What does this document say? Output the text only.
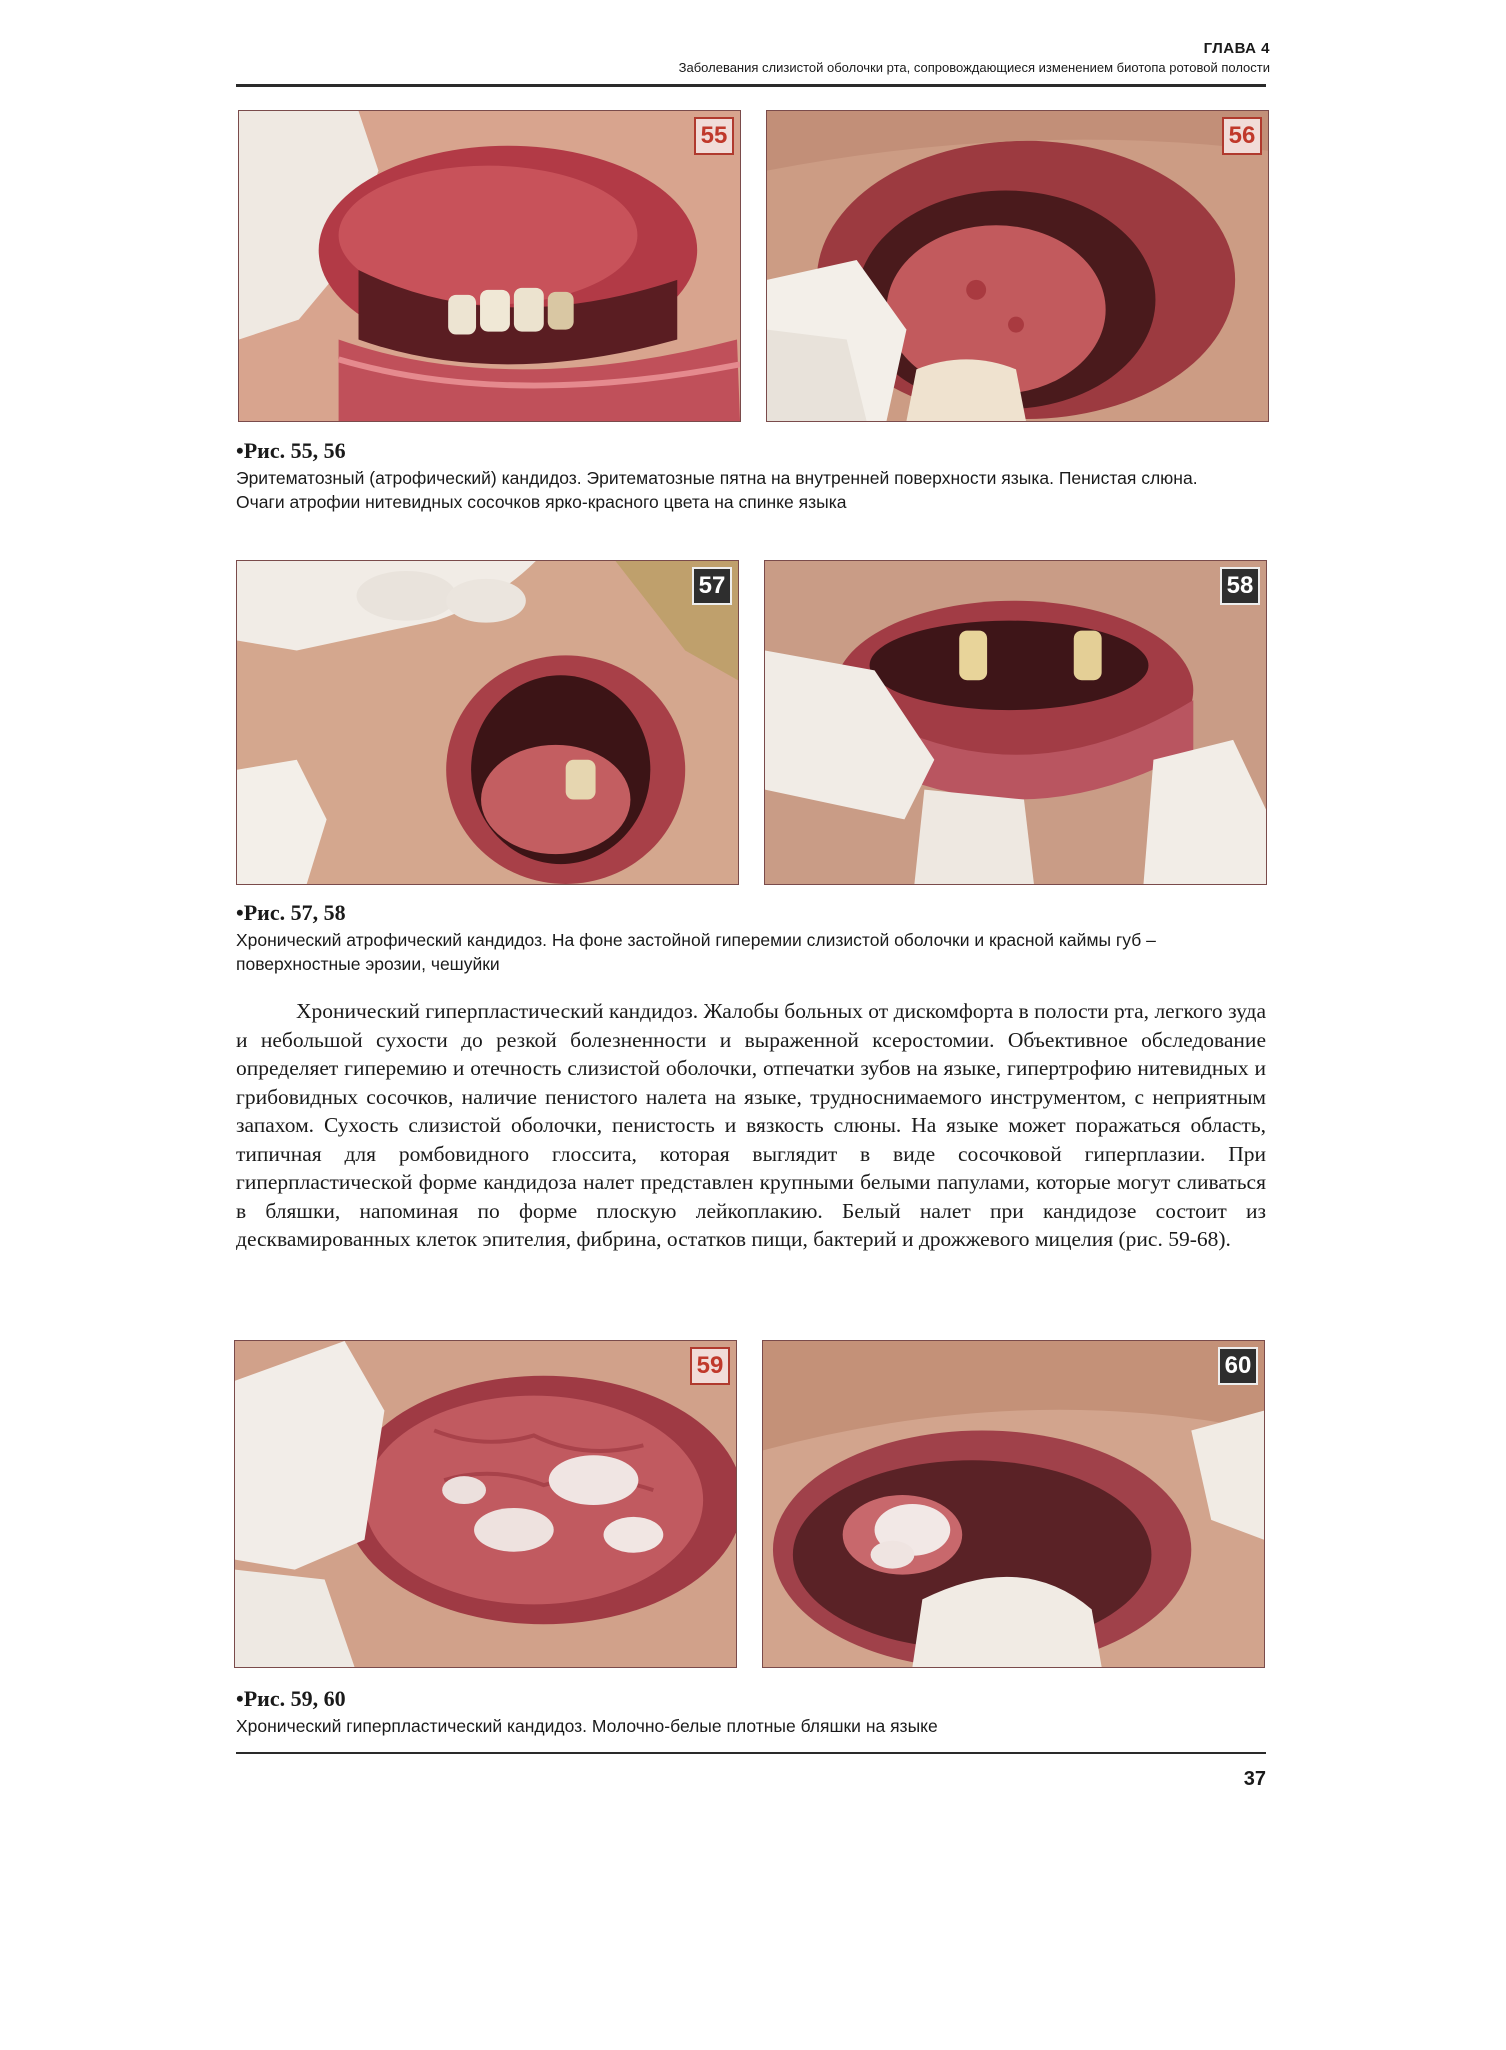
ГЛАВА 4
Заболевания слизистой оболочки рта, сопровождающиеся изменением биотопа ротовой полости
55	56
•Рис. 55, 56
Эритематозный (атрофический) кандидоз. Эритематозные пятна на внутренней поверхности языка. Пенистая слюна. Очаги атрофии нитевидных сосочков ярко-красного цвета на спинке языка
57	58
•Рис. 57, 58
Хронический атрофический кандидоз. На фоне застойной гиперемии слизистой оболочки и красной каймы губ – поверхностные эрозии, чешуйки
Хронический гиперпластический кандидоз. Жалобы больных от дискомфорта в полости рта, легкого зуда и небольшой сухости до резкой болезненности и выраженной ксеростомии. Объективное обследование определяет гиперемию и отечность слизистой оболочки, отпечатки зубов на языке, гипертрофию нитевидных и грибовидных сосочков, наличие пенистого налета на языке, трудноснимаемого инструментом, с неприятным запахом. Сухость слизистой оболочки, пенистость и вязкость слюны. На языке может поражаться область, типичная для ромбовидного глоссита, которая выглядит в виде сосочковой гиперплазии. При гиперпластической форме кандидоза налет представлен крупными белыми папулами, которые могут сливаться в бляшки, напоминая по форме плоскую лейкоплакию. Белый налет при кандидозе состоит из десквамированных клеток эпителия, фибрина, остатков пищи, бактерий и дрожжевого мицелия (рис. 59-68).
59	60
•Рис. 59, 60
Хронический гиперпластический кандидоз. Молочно-белые плотные бляшки на языке
37
